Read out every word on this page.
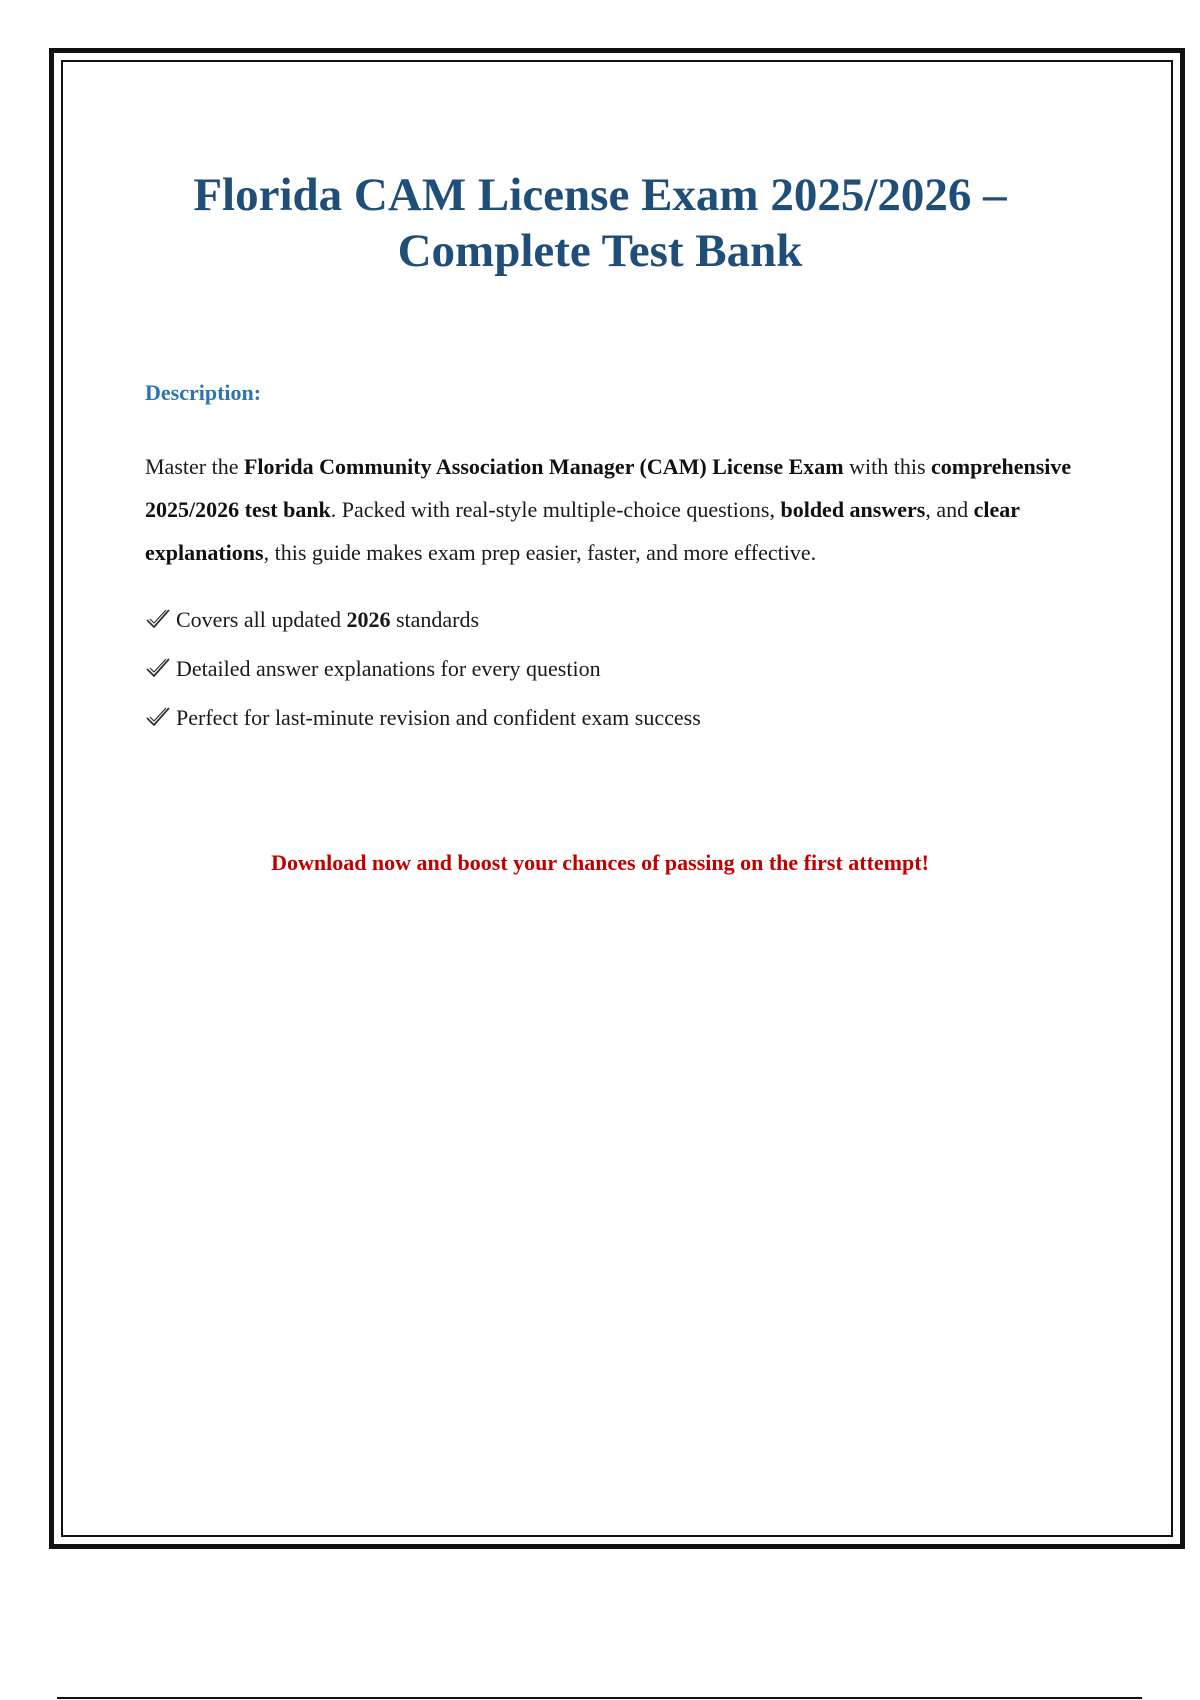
Florida CAM License Exam 2025/2026 –
Complete Test Bank
Description:

Master the Florida Community Association Manager (CAM) License Exam with this comprehensive 2025/2026 test bank. Packed with real-style multiple-choice questions, bolded answers, and clear explanations, this guide makes exam prep easier, faster, and more effective.

Covers all updated 2026 standards
Detailed answer explanations for every question
Perfect for last-minute revision and confident exam success

Download now and boost your chances of passing on the first attempt!
